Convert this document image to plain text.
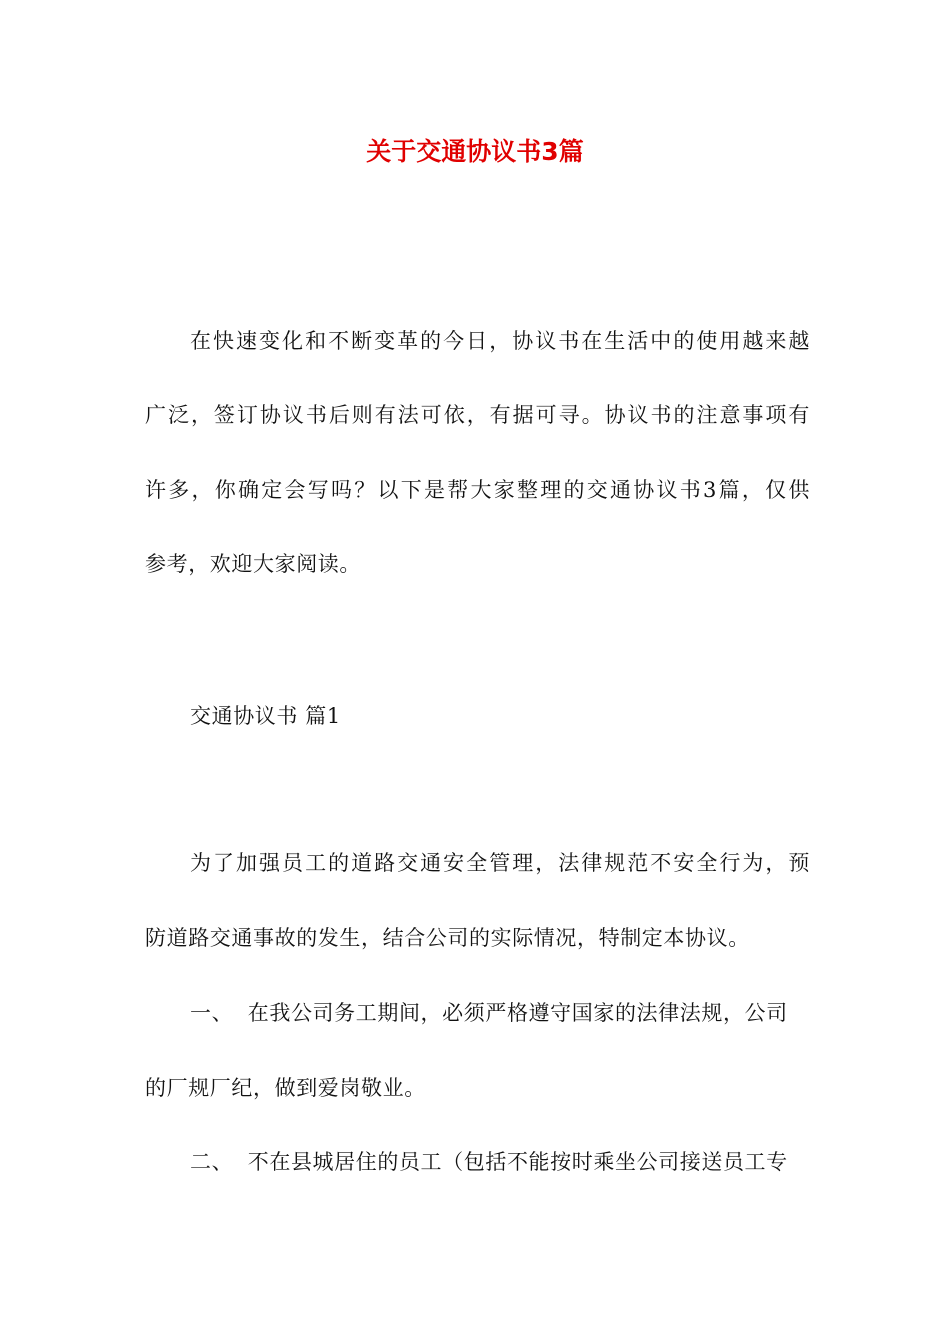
关于交通协议书3篇

在快速变化和不断变革的今日，协议书在生活中的使用越来越

广泛，签订协议书后则有法可依，有据可寻。协议书的注意事项有

许多，你确定会写吗？以下是帮大家整理的交通协议书3篇，仅供

参考，欢迎大家阅读。

交通协议书 篇1

为了加强员工的道路交通安全管理，法律规范不安全行为，预

防道路交通事故的发生，结合公司的实际情况，特制定本协议。

一、  在我公司务工期间，必须严格遵守国家的法律法规，公司

的厂规厂纪，做到爱岗敬业。

二、  不在县城居住的员工（包括不能按时乘坐公司接送员工专
